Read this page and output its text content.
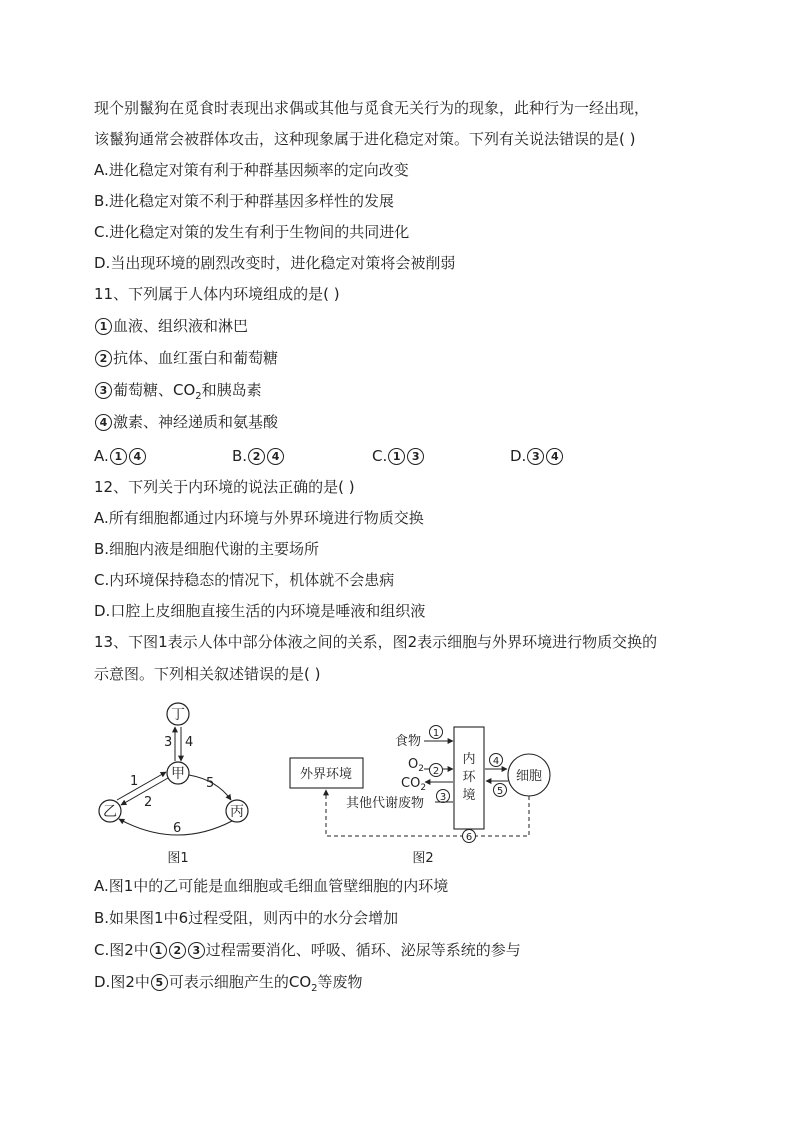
现个别鬣狗在觅食时表现出求偶或其他与觅食无关行为的现象，此种行为一经出现，
该鬣狗通常会被群体攻击，这种现象属于进化稳定对策。下列有关说法错误的是( )
A.进化稳定对策有利于种群基因频率的定向改变
B.进化稳定对策不利于种群基因多样性的发展
C.进化稳定对策的发生有利于生物间的共同进化
D.当出现环境的剧烈改变时，进化稳定对策将会被削弱
11、下列属于人体内环境组成的是( )
1 血液、组织液和淋巴
2 抗体、血红蛋白和葡萄糖
3 葡萄糖、$CO_2$和胰岛素
4 激素、神经递质和氨基酸
A. 1 4	B. 2 4	C. 1 3	D. 3 4
12、下列关于内环境的说法正确的是( )
A.所有细胞都通过内环境与外界环境进行物质交换
B.细胞内液是细胞代谢的主要场所
C.内环境保持稳态的情况下，机体就不会患病
D.口腔上皮细胞直接生活的内环境是唾液和组织液
13、下图1表示人体中部分体液之间的关系，图2表示细胞与外界环境进行物质交换的
示意图。下列相关叙述错误的是( )
丁
甲
乙	丙
3 4
1
2
5
6
图1
外界环境
内
环
境
细胞
食物
1
$O_2$ 2
$CO_2$
3
其他代谢废物
4
5
6
图2
A.图1中的乙可能是血细胞或毛细血管壁细胞的内环境
B.如果图1中6过程受阻，则丙中的水分会增加
C.图2中 1 2 3 过程需要消化、呼吸、循环、泌尿等系统的参与
D.图2中 5 可表示细胞产生的$CO_2$等废物
